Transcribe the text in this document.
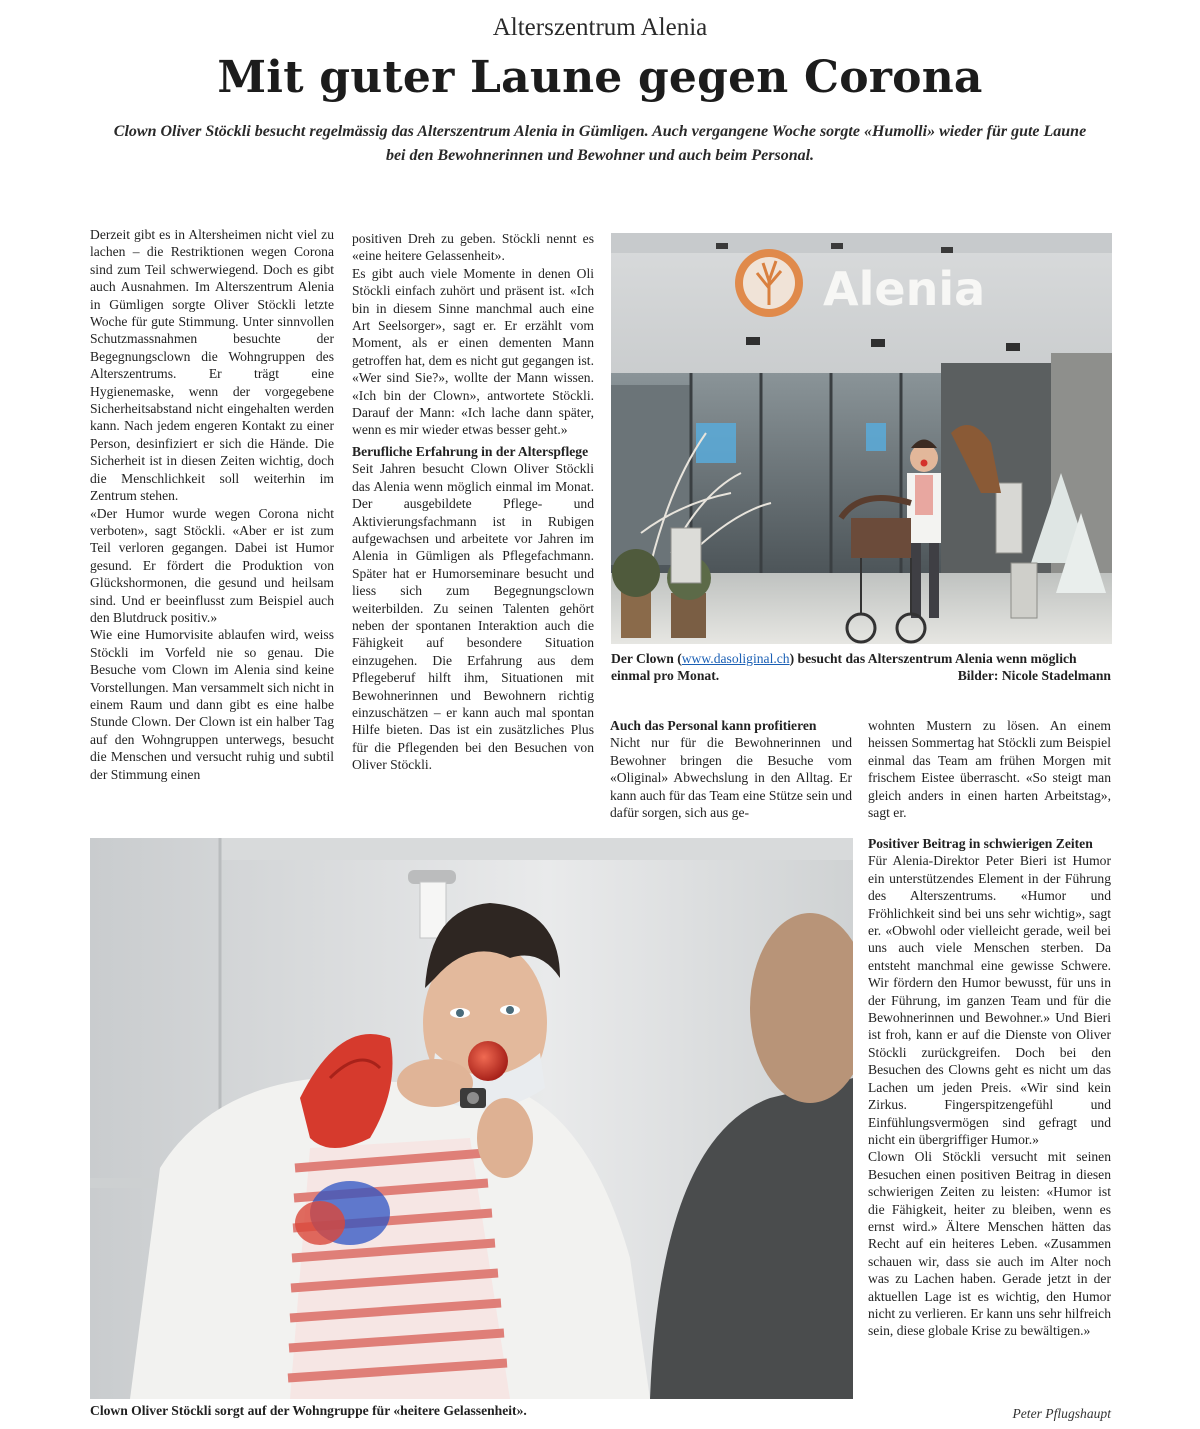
Alterszentrum Alenia
Mit guter Laune gegen Corona
Clown Oliver Stöckli besucht regelmässig das Alterszentrum Alenia in Gümligen. Auch vergangene Woche sorgte «Humolli» wieder für gute Laune bei den Bewohnerinnen und Bewohner und auch beim Personal.

Derzeit gibt es in Altersheimen nicht viel zu lachen – die Restriktionen wegen Corona sind zum Teil schwerwiegend. Doch es gibt auch Ausnahmen. Im Alterszentrum Alenia in Gümligen sorgte Oliver Stöckli letzte Woche für gute Stimmung. Unter sinnvollen Schutzmassnahmen besuchte der Begegnungsclown die Wohngruppen des Alterszentrums. Er trägt eine Hygienemaske, wenn der vorgegebene Sicherheitsabstand nicht eingehalten werden kann. Nach jedem engeren Kontakt zu einer Person, desinfiziert er sich die Hände. Die Sicherheit ist in diesen Zeiten wichtig, doch die Menschlichkeit soll weiterhin im Zentrum stehen.

«Der Humor wurde wegen Corona nicht verboten», sagt Stöckli. «Aber er ist zum Teil verloren gegangen. Dabei ist Humor gesund. Er fördert die Produktion von Glückshormonen, die gesund und heilsam sind. Und er beeinflusst zum Beispiel auch den Blutdruck positiv.»

Wie eine Humorvisite ablaufen wird, weiss Stöckli im Vorfeld nie so genau. Die Besuche vom Clown im Alenia sind keine Vorstellungen. Man versammelt sich nicht in einem Raum und dann gibt es eine halbe Stunde Clown. Der Clown ist ein halber Tag auf den Wohngruppen unterwegs, besucht die Menschen und versucht ruhig und subtil der Stimmung einen

positiven Dreh zu geben. Stöckli nennt es «eine heitere Gelassenheit».

Es gibt auch viele Momente in denen Oli Stöckli einfach zuhört und präsent ist. «Ich bin in diesem Sinne manchmal auch eine Art Seelsorger», sagt er. Er erzählt vom Moment, als er einen dementen Mann getroffen hat, dem es nicht gut gegangen ist. «Wer sind Sie?», wollte der Mann wissen. «Ich bin der Clown», antwortete Stöckli. Darauf der Mann: «Ich lache dann später, wenn es mir wieder etwas besser geht.»

Berufliche Erfahrung in der Alterspflege

Seit Jahren besucht Clown Oliver Stöckli das Alenia wenn möglich einmal im Monat. Der ausgebildete Pflege- und Aktivierungsfachmann ist in Rubigen aufgewachsen und arbeitete vor Jahren im Alenia in Gümligen als Pflegefachmann. Später hat er Humorseminare besucht und liess sich zum Begegnungsclown weiterbilden. Zu seinen Talenten gehört neben der spontanen Interaktion auch die Fähigkeit auf besondere Situation einzugehen. Die Erfahrung aus dem Pflegeberuf hilft ihm, Situationen mit Bewohnerinnen und Bewohnern richtig einzuschätzen – er kann auch mal spontan Hilfe bieten. Das ist ein zusätzliches Plus für die Pflegenden bei den Besuchen von Oliver Stöckli.

Alenia
Der Clown (www.dasoliginal.ch) besucht das Alterszentrum Alenia wenn möglich einmal pro Monat.	Bilder: Nicole Stadelmann
Auch das Personal kann profitieren

Nicht nur für die Bewohnerinnen und Bewohner bringen die Besuche vom «Oliginal» Abwechslung in den Alltag. Er kann auch für das Team eine Stütze sein und dafür sorgen, sich aus ge-

wohnten Mustern zu lösen. An einem heissen Sommertag hat Stöckli zum Beispiel einmal das Team am frühen Morgen mit frischem Eistee überrascht. «So steigt man gleich anders in einen harten Arbeitstag», sagt er.

Positiver Beitrag in schwierigen Zeiten

Für Alenia-Direktor Peter Bieri ist Humor ein unterstützendes Element in der Führung des Alterszentrums. «Humor und Fröhlichkeit sind bei uns sehr wichtig», sagt er. «Obwohl oder vielleicht gerade, weil bei uns auch viele Menschen sterben. Da entsteht manchmal eine gewisse Schwere. Wir fördern den Humor bewusst, für uns in der Führung, im ganzen Team und für die Bewohnerinnen und Bewohner.» Und Bieri ist froh, kann er auf die Dienste von Oliver Stöckli zurückgreifen. Doch bei den Besuchen des Clowns geht es nicht um das Lachen um jeden Preis. «Wir sind kein Zirkus. Fingerspitzengefühl und Einfühlungsvermögen sind gefragt und nicht ein übergriffiger Humor.»

Clown Oli Stöckli versucht mit seinen Besuchen einen positiven Beitrag in diesen schwierigen Zeiten zu leisten: «Humor ist die Fähigkeit, heiter zu bleiben, wenn es ernst wird.» Ältere Menschen hätten das Recht auf ein heiteres Leben. «Zusammen schauen wir, dass sie auch im Alter noch was zu Lachen haben. Gerade jetzt in der aktuellen Lage ist es wichtig, den Humor nicht zu verlieren. Er kann uns sehr hilfreich sein, diese globale Krise zu bewältigen.»

Clown Oliver Stöckli sorgt auf der Wohngruppe für «heitere Gelassenheit».	Peter Pflugshaupt
